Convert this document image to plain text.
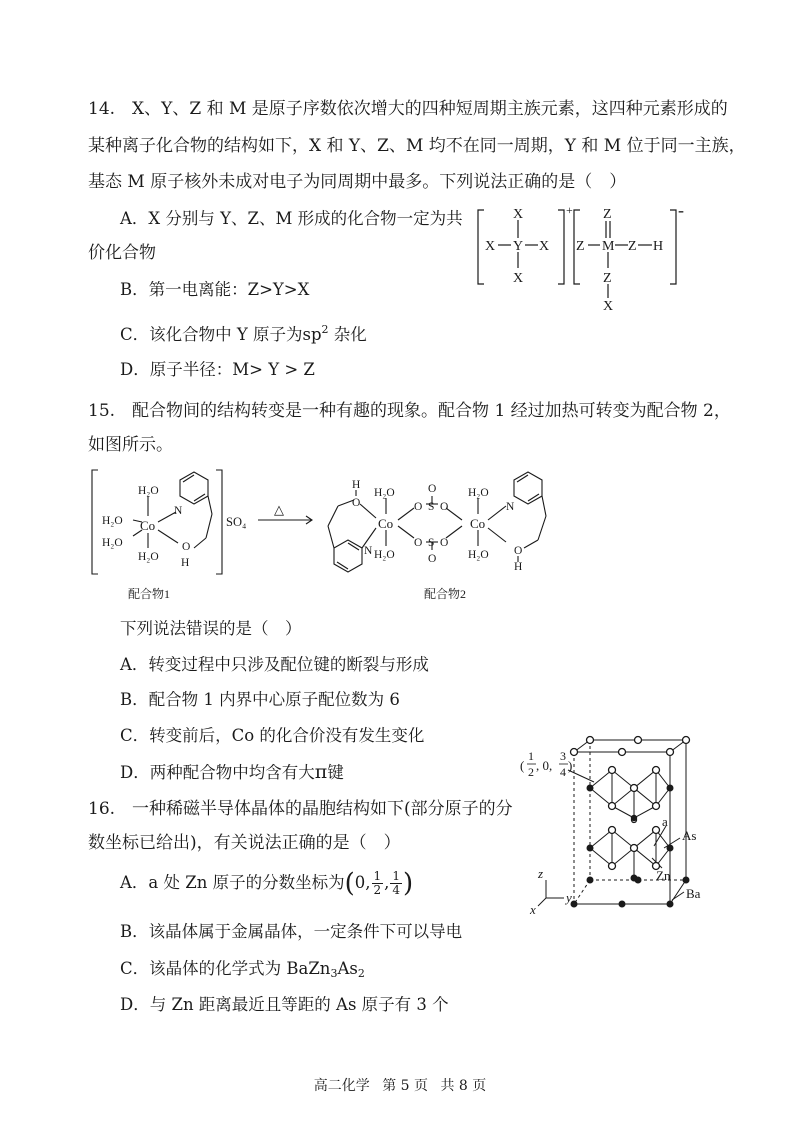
14.　X、Y、Z 和 M 是原子序数依次增大的四种短周期主族元素，这四种元素形成的
某种离子化合物的结构如下，X 和 Y、Z、M 均不在同一周期，Y 和 M 位于同一主族，
基态 M 原子核外未成对电子为同周期中最多。下列说法正确的是（　）
A．X 分别与 Y、Z、M 形成的化合物一定为共
价化合物
B．第一电离能：Z>Y>X
C．该化合物中 Y 原子为$sp^2$ 杂化
D．原子半径：M> Y > Z
X
X Y X
X
+ Z
Z M Z H
Z
X
-
15.　配合物间的结构转变是一种有趣的现象。配合物 1 经过加热可转变为配合物 2，
如图所示。
H₂O
H₂O
H₂O
Co
H₂O
N
O
H
SO₄
△
H
O
H₂O
Co
N H₂O
O
S
O O
S
O O
O
H₂O
Co
H₂O
N
O
H
配合物1	配合物2
下列说法错误的是（　）
A．转变过程中只涉及配位键的断裂与形成
B．配合物 1 内界中心原子配位数为 6
C．转变前后，Co 的化合价没有发生变化
D．两种配合物中均含有大π键
16.　一种稀磁半导体晶体的晶胞结构如下(部分原子的分
数坐标已给出)，有关说法正确的是（　）
A．a 处 Zn 原子的分数坐标为(0, $\frac{1}{2}$ , $\frac{1}{4}$ )
B．该晶体属于金属晶体，一定条件下可以导电
C．该晶体的化学式为 $BaZn_3As_2$
D．与 Zn 距离最近且等距的 As 原子有 3 个
(
1
2 , 0,
3
4 )
a
As
Zn
Ba
z
y
x
高二化学 第 5 页 共 8 页
